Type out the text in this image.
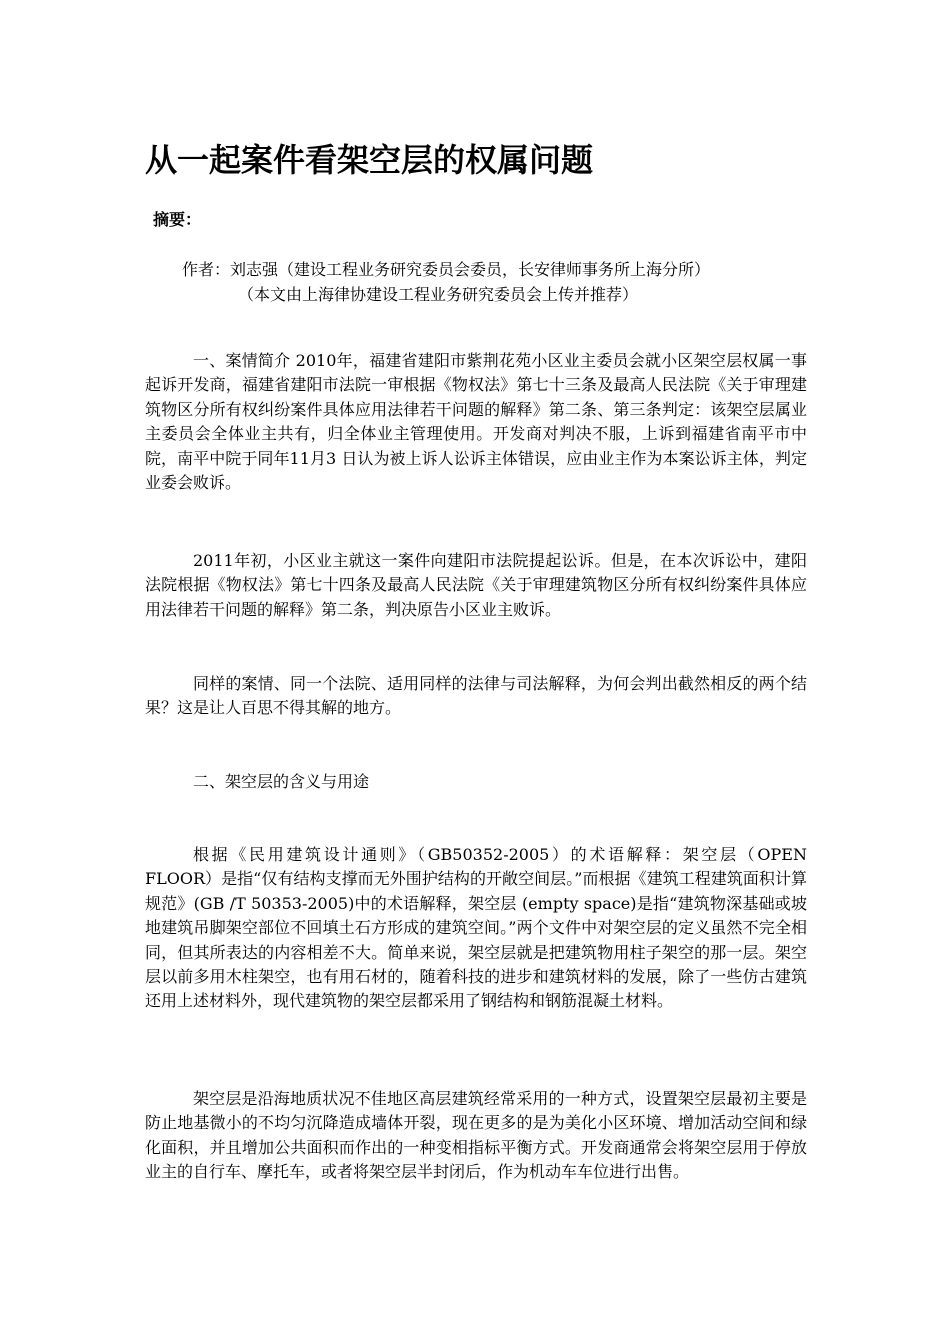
从一起案件看架空层的权属问题
摘要：
作者：刘志强（建设工程业务研究委员会委员，长安律师事务所上海分所）
（本文由上海律协建设工程业务研究委员会上传并推荐）

一、案情简介 2010年，福建省建阳市紫荆花苑小区业主委员会就小区架空层权属一事起诉开发商，福建省建阳市法院一审根据《物权法》第七十三条及最高人民法院《关于审理建筑物区分所有权纠纷案件具体应用法律若干问题的解释》第二条、第三条判定：该架空层属业主委员会全体业主共有，归全体业主管理使用。开发商对判决不服，上诉到福建省南平市中院，南平中院于同年11月3 日认为被上诉人讼诉主体错误，应由业主作为本案讼诉主体，判定业委会败诉。

2011年初，小区业主就这一案件向建阳市法院提起讼诉。但是，在本次诉讼中，建阳法院根据《物权法》第七十四条及最高人民法院《关于审理建筑物区分所有权纠纷案件具体应用法律若干问题的解释》第二条，判决原告小区业主败诉。

同样的案情、同一个法院、适用同样的法律与司法解释，为何会判出截然相反的两个结果？这是让人百思不得其解的地方。

二、架空层的含义与用途

根据《民用建筑设计通则》（GB50352-2005）的术语解释：架空层（OPEN FLOOR）是指“仅有结构支撑而无外围护结构的开敞空间层。”而根据《建筑工程建筑面积计算规范》(GB /T 50353-2005)中的术语解释，架空层 (empty space)是指“建筑物深基础或坡地建筑吊脚架空部位不回填土石方形成的建筑空间。”两个文件中对架空层的定义虽然不完全相同，但其所表达的内容相差不大。简单来说，架空层就是把建筑物用柱子架空的那一层。架空层以前多用木柱架空，也有用石材的，随着科技的进步和建筑材料的发展，除了一些仿古建筑还用上述材料外，现代建筑物的架空层都采用了钢结构和钢筋混凝土材料。

架空层是沿海地质状况不佳地区高层建筑经常采用的一种方式，设置架空层最初主要是防止地基微小的不均匀沉降造成墙体开裂，现在更多的是为美化小区环境、增加活动空间和绿化面积，并且增加公共面积而作出的一种变相指标平衡方式。开发商通常会将架空层用于停放业主的自行车、摩托车，或者将架空层半封闭后，作为机动车车位进行出售。
